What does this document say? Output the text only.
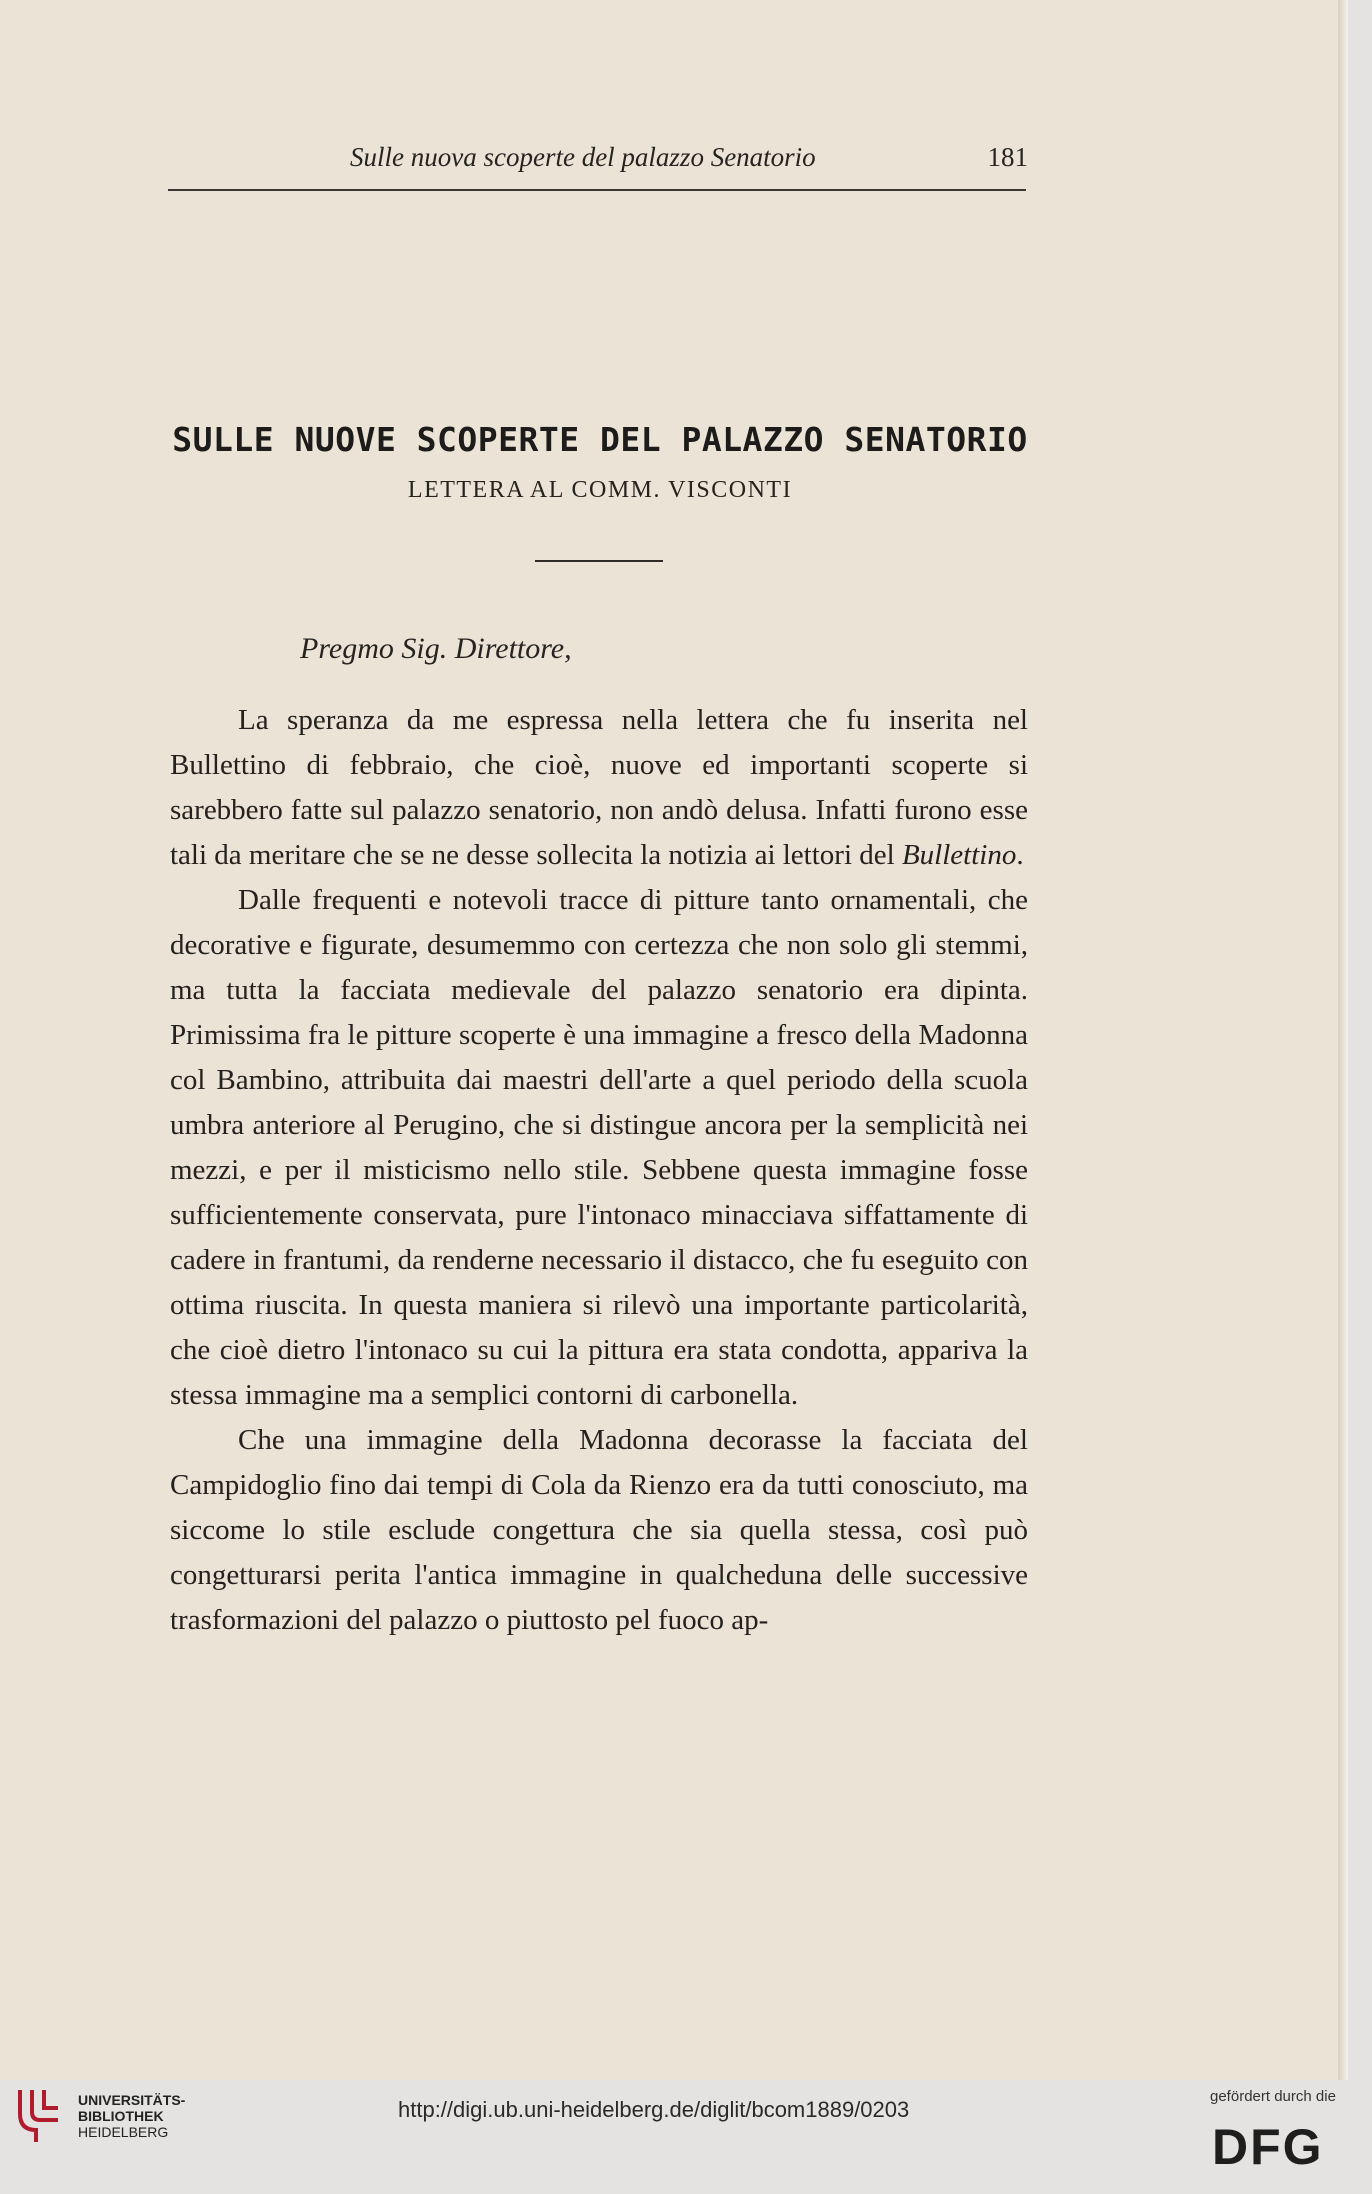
Sulle nuova scoperte del palazzo Senatorio	181
SULLE NUOVE SCOPERTE DEL PALAZZO SENATORIO
LETTERA AL COMM. VISCONTI
Pregmo Sig. Direttore,

La speranza da me espressa nella lettera che fu inserita nel Bullettino di febbraio, che cioè, nuove ed importanti scoperte si sarebbero fatte sul palazzo senatorio, non andò delusa. Infatti furono esse tali da meritare che se ne desse sollecita la notizia ai lettori del Bullettino.

Dalle frequenti e notevoli tracce di pitture tanto ornamentali, che decorative e figurate, desumemmo con certezza che non solo gli stemmi, ma tutta la facciata medievale del palazzo senatorio era dipinta. Primissima fra le pitture scoperte è una immagine a fresco della Madonna col Bambino, attribuita dai maestri dell'arte a quel periodo della scuola umbra anteriore al Perugino, che si distingue ancora per la semplicità nei mezzi, e per il misticismo nello stile. Sebbene questa immagine fosse sufficientemente conservata, pure l'intonaco minacciava siffattamente di cadere in frantumi, da renderne necessario il distacco, che fu eseguito con ottima riuscita. In questa maniera si rilevò una importante particolarità, che cioè dietro l'intonaco su cui la pittura era stata condotta, appariva la stessa immagine ma a semplici contorni di carbonella.

Che una immagine della Madonna decorasse la facciata del Campidoglio fino dai tempi di Cola da Rienzo era da tutti conosciuto, ma siccome lo stile esclude congettura che sia quella stessa, così può congetturarsi perita l'antica immagine in qualcheduna delle successive trasformazioni del palazzo o piuttosto pel fuoco ap-

UNIVERSITÄTS-
BIBLIOTHEK
HEIDELBERG
http://digi.ub.uni-heidelberg.de/diglit/bcom1889/0203
gefördert durch die
DFG
